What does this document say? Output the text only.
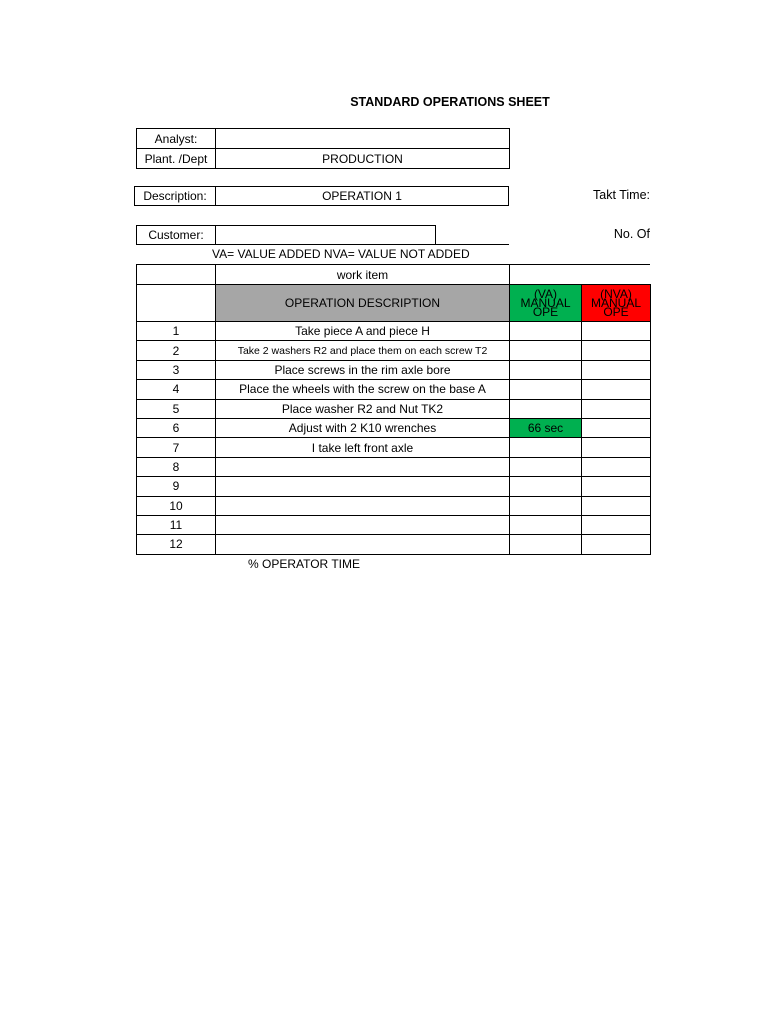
STANDARD OPERATIONS SHEET
Analyst:
Plant. /Dept	PRODUCTION
Description:	OPERATION 1	Takt Time:
Customer:	No. Of
VA= VALUE ADDED NVA= VALUE NOT ADDED
	work item		
	OPERATION DESCRIPTION	(VA) MANUAL OPE	(NVA) MANUAL OPE
1	Take piece A and piece H		
2	Take 2 washers R2 and place them on each screw T2		
3	Place screws in the rim axle bore		
4	Place the wheels with the screw on the base A		
5	Place washer R2 and Nut TK2		
6	Adjust with 2 K10 wrenches	66 sec	
7	I take left front axle		
8			
9			
10			
11			
12			
% OPERATOR TIME
